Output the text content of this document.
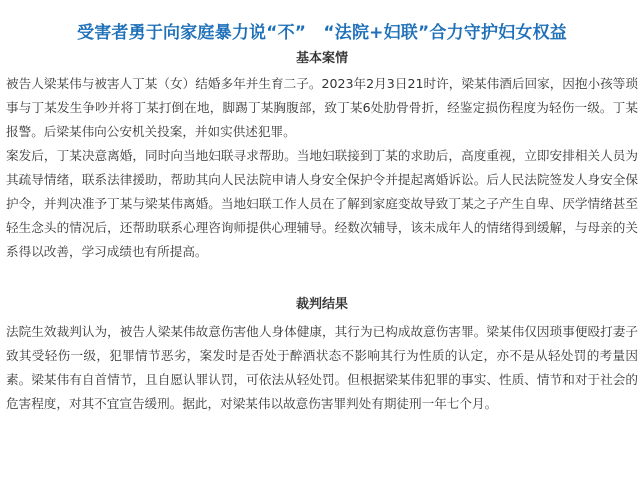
受害者勇于向家庭暴力说“不”　“法院+妇联”合力守护妇女权益
基本案情

被告人梁某伟与被害人丁某（女）结婚多年并生育二子。2023年2月3日21时许，梁某伟酒后回家，因抱小孩等琐事与丁某发生争吵并将丁某打倒在地，脚踢丁某胸腹部，致丁某6处肋骨骨折，经鉴定损伤程度为轻伤一级。丁某报警。后梁某伟向公安机关投案，并如实供述犯罪。

案发后，丁某决意离婚，同时向当地妇联寻求帮助。当地妇联接到丁某的求助后，高度重视，立即安排相关人员为其疏导情绪，联系法律援助，帮助其向人民法院申请人身安全保护令并提起离婚诉讼。后人民法院签发人身安全保护令，并判决准予丁某与梁某伟离婚。当地妇联工作人员在了解到家庭变故导致丁某之子产生自卑、厌学情绪甚至轻生念头的情况后，还帮助联系心理咨询师提供心理辅导。经数次辅导，该未成年人的情绪得到缓解，与母亲的关系得以改善，学习成绩也有所提高。

裁判结果

法院生效裁判认为，被告人梁某伟故意伤害他人身体健康，其行为已构成故意伤害罪。梁某伟仅因琐事便殴打妻子致其受轻伤一级，犯罪情节恶劣，案发时是否处于醉酒状态不影响其行为性质的认定，亦不是从轻处罚的考量因素。梁某伟有自首情节，且自愿认罪认罚，可依法从轻处罚。但根据梁某伟犯罪的事实、性质、情节和对于社会的危害程度，对其不宜宣告缓刑。据此，对梁某伟以故意伤害罪判处有期徒刑一年七个月。
